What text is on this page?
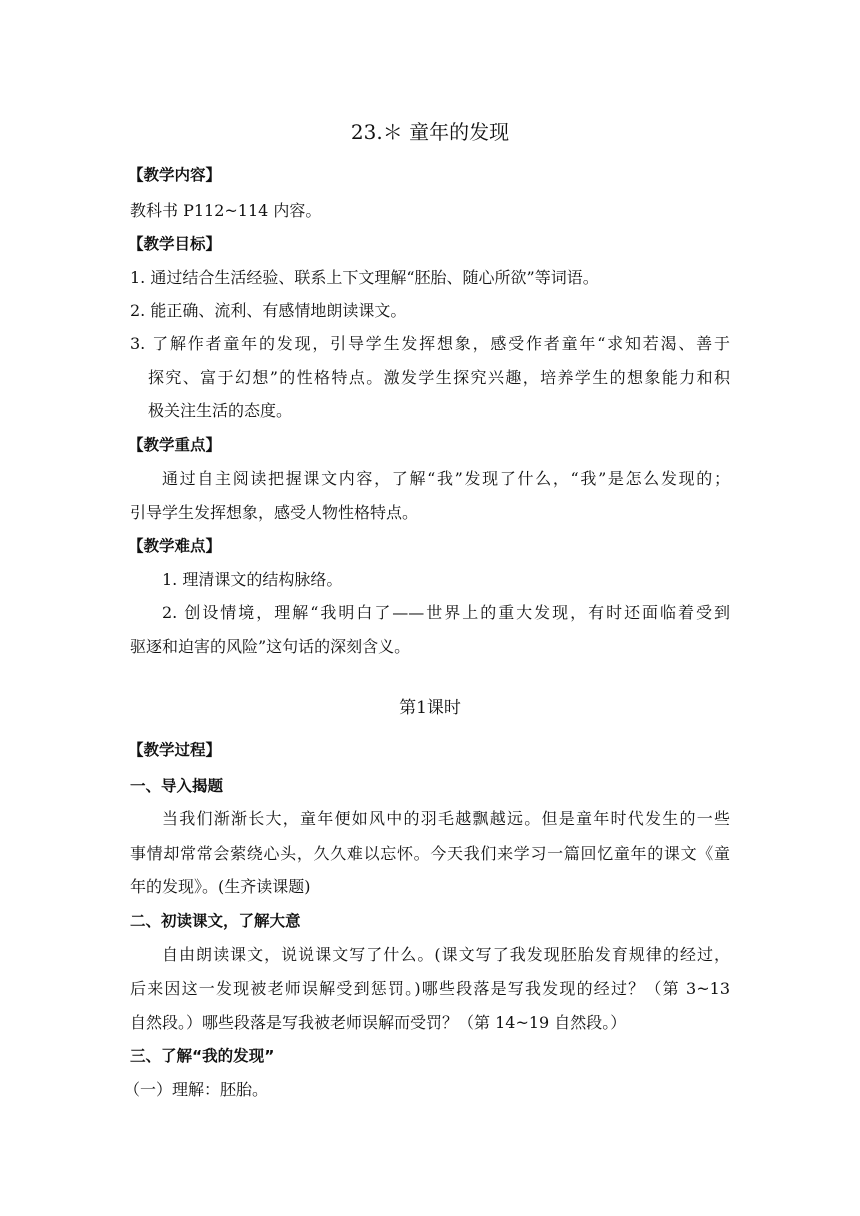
23.＊ 童年的发现
【教学内容】
教科书 P112~114 内容。
【教学目标】
1. 通过结合生活经验、联系上下文理解“胚胎、随心所欲”等词语。
2. 能正确、流利、有感情地朗读课文。
3. 了解作者童年的发现，引导学生发挥想象，感受作者童年“求知若渴、善于
探究、富于幻想”的性格特点。激发学生探究兴趣，培养学生的想象能力和积
极关注生活的态度。
【教学重点】
通过自主阅读把握课文内容，了解“我”发现了什么，“我”是怎么发现的；
引导学生发挥想象，感受人物性格特点。
【教学难点】
1. 理清课文的结构脉络。
2. 创设情境，理解“我明白了——世界上的重大发现，有时还面临着受到
驱逐和迫害的风险”这句话的深刻含义。
第1课时
【教学过程】
一、导入揭题
当我们渐渐长大，童年便如风中的羽毛越飘越远。但是童年时代发生的一些
事情却常常会萦绕心头，久久难以忘怀。今天我们来学习一篇回忆童年的课文《童
年的发现》。(生齐读课题)
二、初读课文，了解大意
自由朗读课文，说说课文写了什么。(课文写了我发现胚胎发育规律的经过，
后来因这一发现被老师误解受到惩罚。)哪些段落是写我发现的经过？（第 3~13
自然段。）哪些段落是写我被老师误解而受罚？（第 14~19 自然段。）
三、了解“我的发现”
（一）理解：胚胎。
